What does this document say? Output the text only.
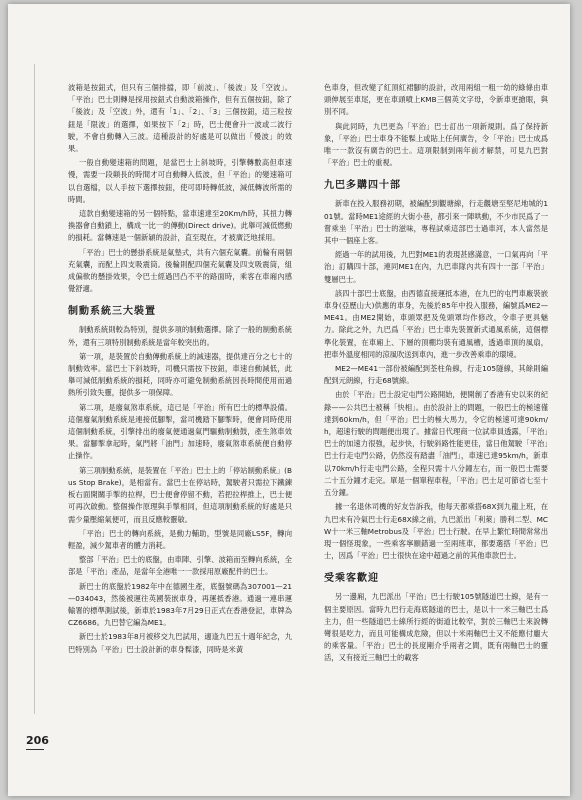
波箱是按鈕式，但只有三個排擋，即「前波」、「後波」及「空波」。「平治」巴士則轉是採用按鈕式自動波箱操作，但有五個按鈕，除了「後波」及「空波」外，還有「1」、「2」、「3」三個按鈕，這三粒按鈕是「限波」的選擇，如果按下「2」時，巴士便會升一波或二波行駛，不會自動轉入三波。這種設計的好處是可以做出「慢波」的效果。

一般自動變速箱的問題，是當巴士上斜坡時，引擎轉數高但車速慢，需要一段顛長的時間才可自動轉入低波，但「平治」的變速箱可以自選檔，以人手按下選擇按鈕，使可即時轉低波，減低轉波所需的時間。

這款自動變速箱的另一個特點，當車速達至20Km/h時，其扭力轉換器會自動鎖上，構成一比一的傳動(Direct drive)。此舉可減低燃動的損耗。當轉速是一個新穎的設計，直至現在，才被廣泛地採用。

「平治」巴士的懸掛系統是氣墊式，共有六個充氣囊。前輪有兩個充氣囊，而配上四支吸震筒。後輪則配四個充氣囊及四支吸震筒，組成偏軟的懸掛效果，令巴士經過凹凸不平的路面時，乘客在車廂內感覺舒適。

制動系統三大裝置

制動系統則較為特別，提供多項的制動選擇。除了一般的制動系統外，還有三項特別制動系統是當年較突出的。

第一項，是裝置於自動傳動系統上的減速器，提供達百分之七十的制動效率。當巴士下斜坡時，司機只需按下按鈕，車速自動減低，此舉可減低制動系統的損耗，同時亦可避免制動系統因長時間使用而過熱所引致失靈，提供多一項保障。

第二項，是廢氣煞車系統，這已是「平治」所有巴士的標準設備。這個廢氣制動系統是連接低腳掣，當司機踏下腳掣時，便會同時使用這個制動系統，引擎排出的廢氣便通過氣門驅動制動鼓，產生煞車效果。當腳掣拿起時，氣門將「油門」加速時，廢氣煞車系統便自動停止操作。

第三項制動系統，是裝置在「平治」巴士上的「停站制動系統」(Bus Stop Brake)，是相當有。當巴士在停站時，駕駛者只需拉下鐵鍊板右面開關手掣的拉桿，巴士便會停留不動，若把拉桿推上，巴士便可再次啟動。整個操作原理與手掣相同，但這項制動系統的好處是只需少量壓縮氣便可，而且反應較靈敏。

「平治」巴士的轉向系統，是動力輔助，型號是同廠LS5F，轉向輕盈，減少駕車者的體力消耗。

整部「平治」巴士的底盤，由車陣、引擎、波箱而至轉向系統，全部是「平治」產品，是當年全港唯一一款採用原廠配件的巴士。

新巴士的底盤於1982年中在德國生產，底盤號碼為307001—21—034043，然後被運往英國裝嵌車身，再運抵香港。通過一連串運輸署的標準測試後，新車於1983年7月29日正式在香港登記，車牌為CZ6686。九巴替它編為ME1。

新巴士於1983年8月被移交九巴試用，適逢九巴五十週年紀念，九巴特別為「平治」巴士設計新的車身髹漆，同時是米黃

色車身，但改變了紅頂紅裙腳的設計，改用兩組一粗一幼的綠條由車頭伸展至車尾，更在車頭噴上KMB三個英文字母，令新車更搶眼，與別不同。

與此同時，九巴更為「平治」巴士訂出一項新規則。爲了保持新象，「平治」巴士車身不能髹上或貼上任何廣告，令「平治」巴士成爲唯一一款沒有廣告的巴士。這項限制到兩年前才解禁，可見九巴對「平治」巴士的重視。

九巴多購四十部

新車在投入服務初期，被編配到觀塘線，行走觀塘至堅尼地城的101號。當時ME1途經的大街小巷，都引來一陣哄動，不少市民爲了一嘗乘坐「平治」巴士的滋味，專程試乘這部巴士過車河，本人當然是其中一個座上客。

經過一年的試用後，九巴對ME1的表現甚感滿意，一口氣再向「平治」訂購四十部，連同ME1在內，九巴車隊內共有四十一部「平治」雙層巴士。

該四十部巴士底盤，由西德直接運抵本港，在九巴的屯門車廠裝嵌車身(亞歷山大)供應的車身，先後於85年中投入服務，編號爲ME2—ME41。由ME2開始，車頭眾把及兔頭罩均作修改，令車子更具魅力。除此之外，九巴爲「平治」巴士車先裝置新式通風系統，這個標準化裝置，在車廂上、下層的頂棚均裝有通風槽，透過車頂的風扇，把車外溫度相同的涼風吹送到車內，進一步改善乘車的環境。

ME2—ME41一部份被編配到荃柱角線，行走105隧線，其餘則編配到元朗線，行走68號線。

由於「平治」巴士設定屯門公路開始，便開創了香港有史以來的紀錄——公共巴士被稱「快相」。由於設計上的問題，一般巴士的極速僅達到60km/h，但「平治」巴士的極大馬力，令它的極速可達90km/h，超速行駛的問題便出現了。據當日代理商一位試車員透露，「平治」巴士的加速力很強，起步快，行駛斜路性能更佳，當日他駕駛「平治」巴士行走屯門公路，仍然沒有踏盡「油門」，車速已達95km/h，新車以70km/h行走屯門公路，全程只需十八分鐘左右，而一般巴士需要二十五分鐘才走完。單是一個單程車程，「平治」巴士足可節省七至十五分鐘。

據一名退休司機的好友告訴我，他每天都乘搭68X到九龍上班，在九巴未有冷氣巴士行走68X線之前，九巴派出「利萊」勝利二型、MCW十一米三軸Metrobus及「平治」巴士行駛。在早上繁忙時間常常出現一個怪現象，一些乘客寧願錯過一至兩班車，都要選搭「平治」巴士，因爲「平治」巴士很快在途中超過之前的其他車款巴士。

受乘客歡迎

另一邊廂，九巴派出「平治」巴士行駛105號隧道巴士線，是有一個主要原因。當時九巴行走海底隧道的巴士，是以十一米三軸巴士爲主力，但一些隧道巴士線所行經的街道比較窄，對於三軸巴士來說轉彎很是吃力，而且可能構成危險，但以十米兩軸巴士又不能應付龐大的乘客量。「平治」巴士的長度剛介乎兩者之間，既有兩軸巴士的靈活，又有接近三軸巴士的載客

206
